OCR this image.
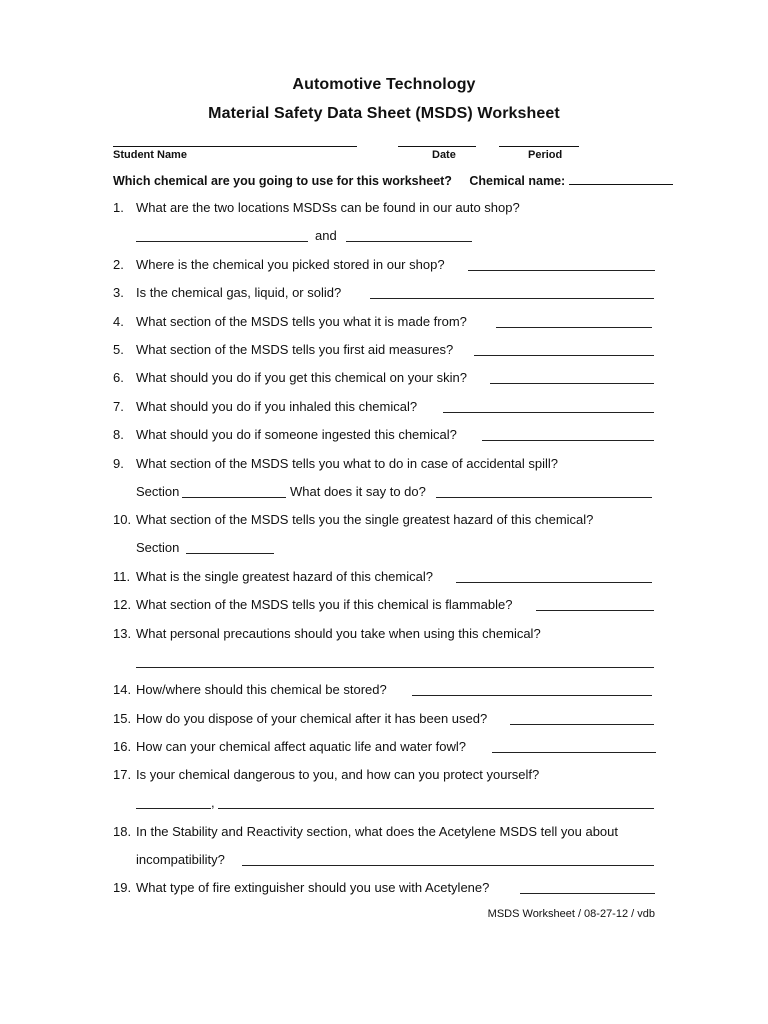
Automotive Technology
Material Safety Data Sheet (MSDS) Worksheet
Student Name	Date	Period
Which chemical are you going to use for this worksheet? Chemical name:
1. What are the two locations MSDSs can be found in our auto shop?
and
2. Where is the chemical you picked stored in our shop?
3. Is the chemical gas, liquid, or solid?
4. What section of the MSDS tells you what it is made from?
5. What section of the MSDS tells you first aid measures?
6. What should you do if you get this chemical on your skin?
7. What should you do if you inhaled this chemical?
8. What should you do if someone ingested this chemical?
9. What section of the MSDS tells you what to do in case of accidental spill?
Section	What does it say to do?
10. What section of the MSDS tells you the single greatest hazard of this chemical?
Section
11. What is the single greatest hazard of this chemical?
12. What section of the MSDS tells you if this chemical is flammable?
13. What personal precautions should you take when using this chemical?
14. How/where should this chemical be stored?
15. How do you dispose of your chemical after it has been used?
16. How can your chemical affect aquatic life and water fowl?
17. Is your chemical dangerous to you, and how can you protect yourself?
,
18. In the Stability and Reactivity section, what does the Acetylene MSDS tell you about
incompatibility?
19. What type of fire extinguisher should you use with Acetylene?
MSDS Worksheet / 08-27-12 / vdb
